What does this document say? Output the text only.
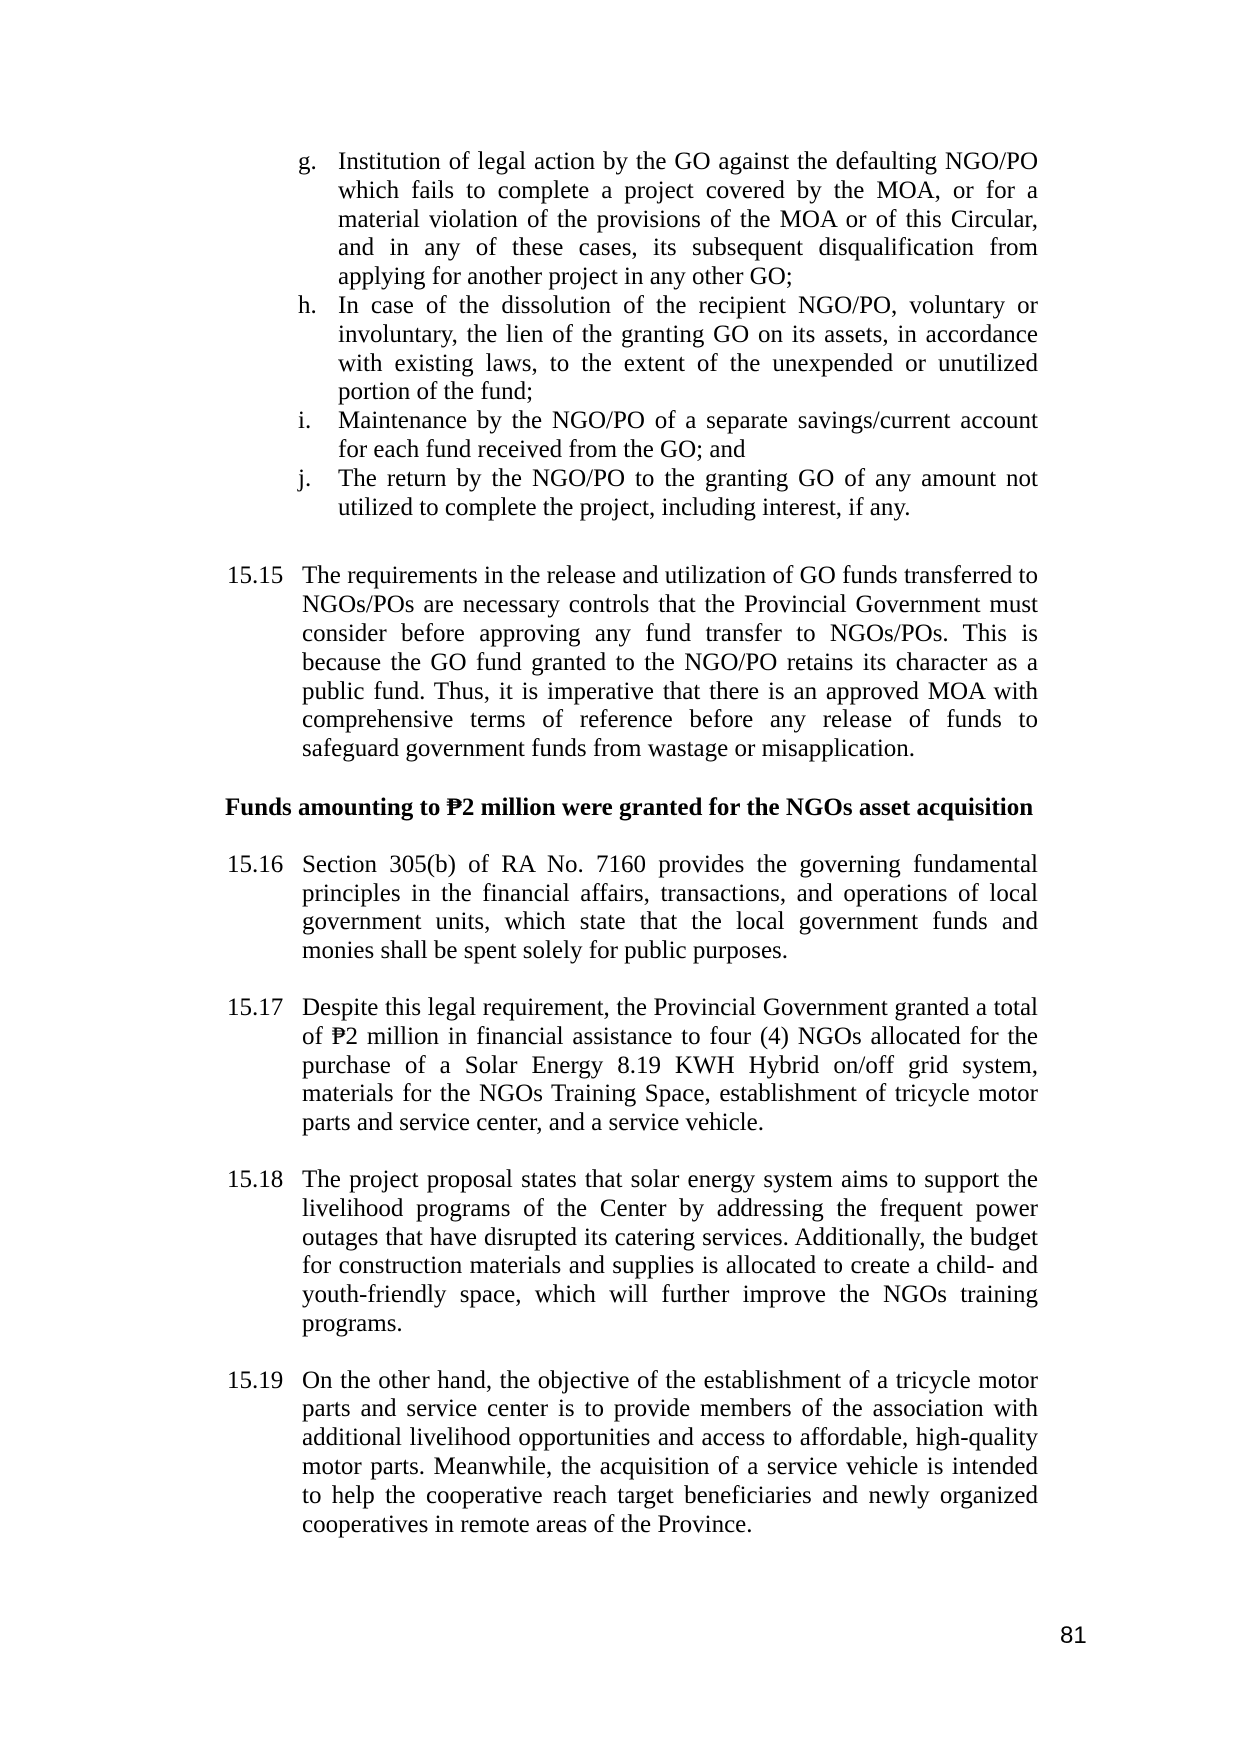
g. Institution of legal action by the GO against the defaulting NGO/PO which fails to complete a project covered by the MOA, or for a material violation of the provisions of the MOA or of this Circular, and in any of these cases, its subsequent disqualification from applying for another project in any other GO;
h. In case of the dissolution of the recipient NGO/PO, voluntary or involuntary, the lien of the granting GO on its assets, in accordance with existing laws, to the extent of the unexpended or unutilized portion of the fund;
i.	Maintenance by the NGO/PO of a separate savings/current account for each fund received from the GO; and
j.	The return by the NGO/PO to the granting GO of any amount not utilized to complete the project, including interest, if any.
15.15 The requirements in the release and utilization of GO funds transferred to NGOs/POs are necessary controls that the Provincial Government must consider before approving any fund transfer to NGOs/POs. This is because the GO fund granted to the NGO/PO retains its character as a public fund. Thus, it is imperative that there is an approved MOA with comprehensive terms of reference before any release of funds to safeguard government funds from wastage or misapplication.
Funds amounting to ₱2 million were granted for the NGOs asset acquisition
15.16 Section 305(b) of RA No. 7160 provides the governing fundamental principles in the financial affairs, transactions, and operations of local government units, which state that the local government funds and monies shall be spent solely for public purposes.
15.17 Despite this legal requirement, the Provincial Government granted a total of ₱2 million in financial assistance to four (4) NGOs allocated for the purchase of a Solar Energy 8.19 KWH Hybrid on/off grid system, materials for the NGOs Training Space, establishment of tricycle motor parts and service center, and a service vehicle.
15.18 The project proposal states that solar energy system aims to support the livelihood programs of the Center by addressing the frequent power outages that have disrupted its catering services. Additionally, the budget for construction materials and supplies is allocated to create a child- and youth-friendly space, which will further improve the NGOs training programs.
15.19 On the other hand, the objective of the establishment of a tricycle motor parts and service center is to provide members of the association with additional livelihood opportunities and access to affordable, high-quality motor parts. Meanwhile, the acquisition of a service vehicle is intended to help the cooperative reach target beneficiaries and newly organized cooperatives in remote areas of the Province.
81
